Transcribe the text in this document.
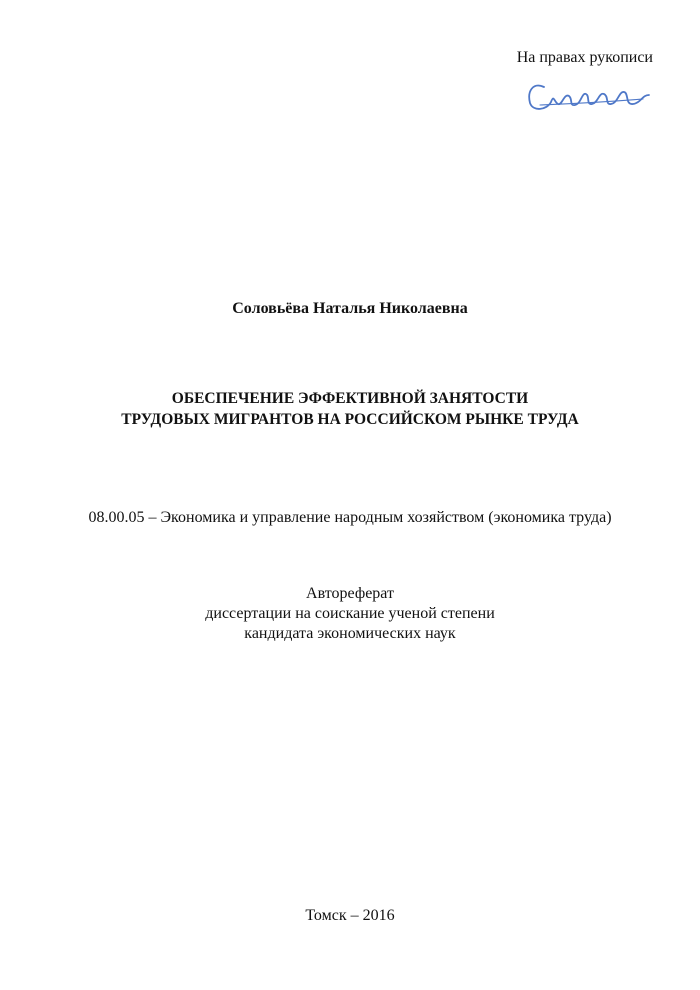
На правах рукописи
Соловьёва Наталья Николаевна
ОБЕСПЕЧЕНИЕ ЭФФЕКТИВНОЙ ЗАНЯТОСТИ
ТРУДОВЫХ МИГРАНТОВ НА РОССИЙСКОМ РЫНКЕ ТРУДА
08.00.05 – Экономика и управление народным хозяйством (экономика труда)
Автореферат
диссертации на соискание ученой степени
кандидата экономических наук
Томск – 2016
